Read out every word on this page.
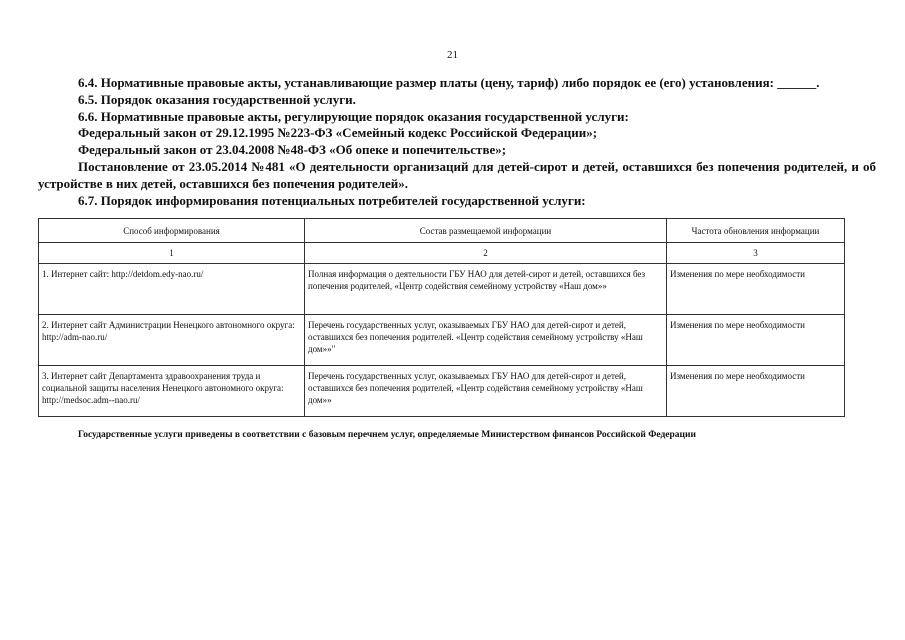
21

6.4. Нормативные правовые акты, устанавливающие размер платы (цену, тариф) либо порядок ее (его) установления: ______.

6.5. Порядок оказания государственной услуги.

6.6. Нормативные правовые акты, регулирующие порядок оказания государственной услуги:

Федеральный закон от 29.12.1995 №223-ФЗ «Семейный кодекс Российской Федерации»;

Федеральный закон от 23.04.2008 №48-ФЗ «Об опеке и попечительстве»;

Постановление от 23.05.2014 №481 «О деятельности организаций для детей-сирот и детей, оставшихся без попечения родителей, и об устройстве в них детей, оставшихся без попечения родителей».

6.7. Порядок информирования потенциальных потребителей государственной услуги:

Способ информирования	Состав размещаемой информации	Частота обновления информации
1	2	3
1. Интернет сайт: http://detdom.edy-nao.ru/	Полная информация о деятельности ГБУ НАО для детей-сирот и детей, оставшихся без попечения родителей, «Центр содействия семейному устройству «Наш дом»»	Изменения по мере необходимости
2. Интернет сайт Администрации Ненецкого автономного округа: http://adm-nao.ru/	Перечень государственных услуг, оказываемых ГБУ НАО для детей-сирот и детей, оставшихся без попечения родителей. «Центр содействия семейному устройству «Наш дом»»"	Изменения по мере необходимости
3. Интернет сайт Департамента здравоохранения труда и социальной защиты населения Ненецкого автономного округа: http://medsoc.adm--nao.ru/	Перечень государственных услуг, оказываемых ГБУ НАО для детей-сирот и детей, оставшихся без попечения родителей, «Центр содействия семейному устройству «Наш дом»»	Изменения по мере необходимости
Государственные услуги приведены в соответствии с базовым перечнем услуг, определяемые Министерством финансов Российской Федерации
